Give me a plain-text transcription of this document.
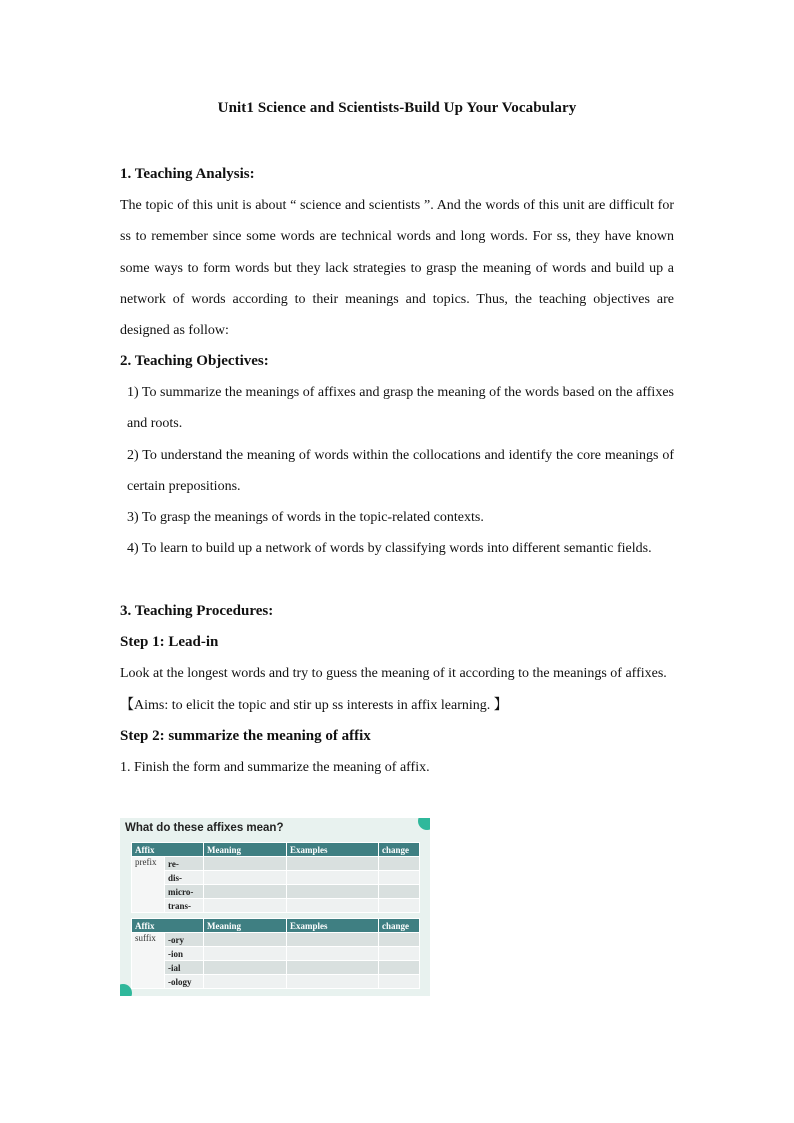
Unit1 Science and Scientists-Build Up Your Vocabulary
1. Teaching Analysis:
The topic of this unit is about “ science and scientists ”. And the words of this unit are difficult for ss to remember since some words are technical words and long words. For ss, they have known some ways to form words but they lack strategies to grasp the meaning of words and build up a network of words according to their meanings and topics. Thus, the teaching objectives are designed as follow:
2. Teaching Objectives:
1) To summarize the meanings of affixes and grasp the meaning of the words based on the affixes and roots.
2) To understand the meaning of words within the collocations and identify the core meanings of certain prepositions.
3) To grasp the meanings of words in the topic-related contexts.
4) To learn to build up a network of words by classifying words into different semantic fields.
3. Teaching Procedures:
Step 1: Lead-in
Look at the longest words and try to guess the meaning of it according to the meanings of affixes.
【Aims: to elicit the topic and stir up ss interests in affix learning. 】
Step 2: summarize the meaning of affix
1. Finish the form and summarize the meaning of affix.
What do these affixes mean?
Affix		Meaning	Examples	change
prefix	re-			
	dis-			
	micro-			
	trans-			
Affix		Meaning	Examples	change
suffix	-ory			
	-ion			
	-ial			
	-ology			
